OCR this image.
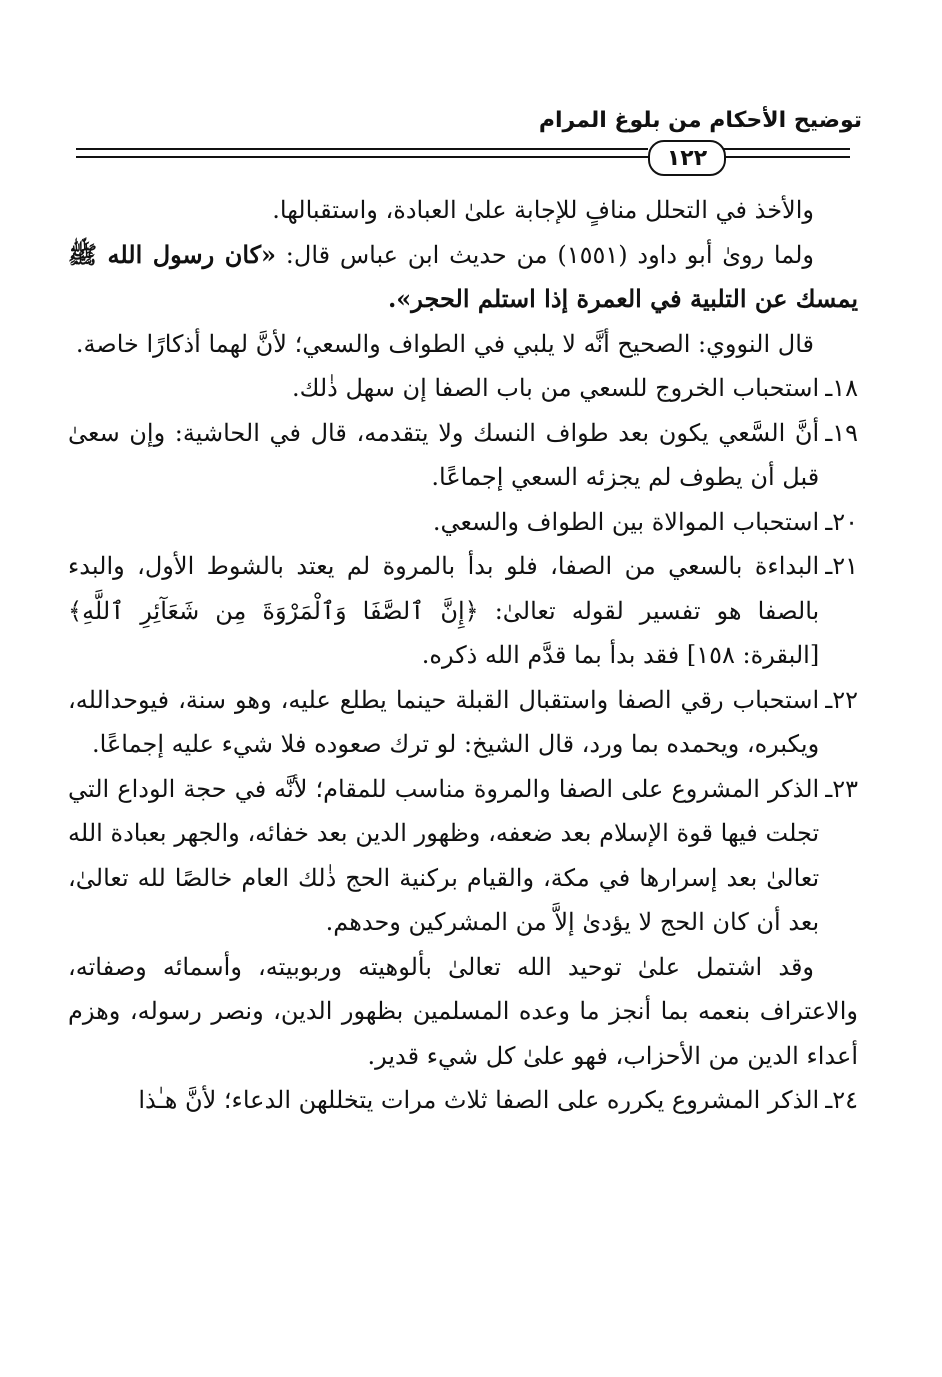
توضيح الأحكام من بلوغ المرام
١٢٢

والأخذ في التحلل منافٍ للإجابة علىٰ العبادة، واستقبالها.

ولما روىٰ أبو داود (١٥٥١) من حديث ابن عباس قال: «كان رسول الله ﷺ يمسك عن التلبية في العمرة إذا استلم الحجر».

قال النووي: الصحيح أنَّه لا يلبي في الطواف والسعي؛ لأنَّ لهما أذكارًا خاصة.

١٨ـ
استحباب الخروج للسعي من باب الصفا إن سهل ذٰلك.
١٩ـ
أنَّ السَّعي يكون بعد طواف النسك ولا يتقدمه، قال في الحاشية: وإن سعىٰ قبل أن يطوف لم يجزئه السعي إجماعًا.
٢٠ـ
استحباب الموالاة بين الطواف والسعي.
٢١ـ
البداءة بالسعي من الصفا، فلو بدأ بالمروة لم يعتد بالشوط الأول، والبدء بالصفا هو تفسير لقوله تعالىٰ: ﴿إِنَّ ٱلصَّفَا وَٱلْمَرْوَةَ مِن شَعَآئِرِ ٱللَّهِ﴾ [البقرة: ١٥٨] فقد بدأ بما قدَّم الله ذكره.
٢٢ـ
استحباب رقي الصفا واستقبال القبلة حينما يطلع عليه، وهو سنة، فيوحدالله، ويكبره، ويحمده بما ورد، قال الشيخ: لو ترك صعوده فلا شيء عليه إجماعًا.
٢٣ـ
الذكر المشروع على الصفا والمروة مناسب للمقام؛ لأنَّه في حجة الوداع التي تجلت فيها قوة الإسلام بعد ضعفه، وظهور الدين بعد خفائه، والجهر بعبادة الله تعالىٰ بعد إسرارها في مكة، والقيام بركنية الحج ذٰلك العام خالصًا لله تعالىٰ، بعد أن كان الحج لا يؤدىٰ إلاَّ من المشركين وحدهم.

وقد اشتمل علىٰ توحيد الله تعالىٰ بألوهيته وربوبيته، وأسمائه وصفاته، والاعتراف بنعمه بما أنجز ما وعده المسلمين بظهور الدين، ونصر رسوله، وهزم أعداء الدين من الأحزاب، فهو علىٰ كل شيء قدير.

٢٤ـ
الذكر المشروع يكرره على الصفا ثلاث مرات يتخللهن الدعاء؛ لأنَّ هـٰذا
